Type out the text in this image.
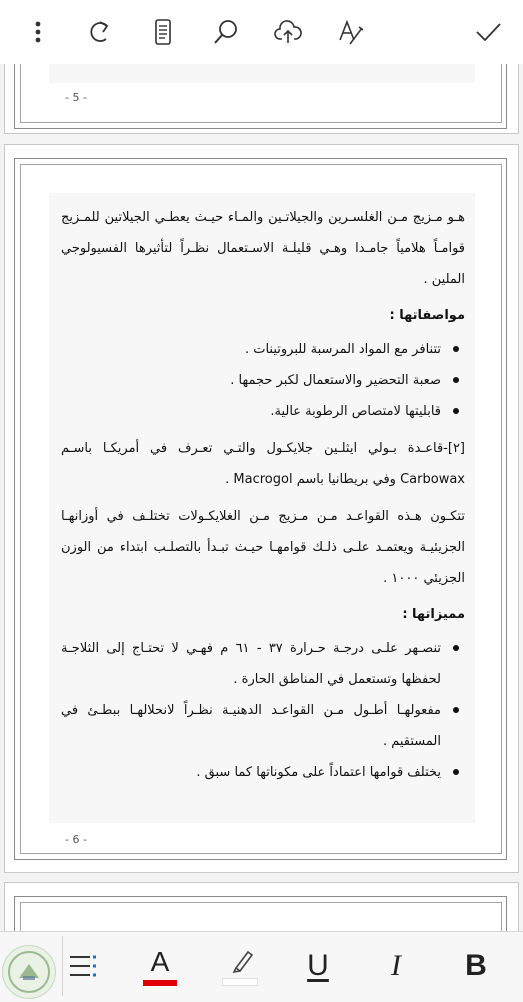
- 5 -

هـو مـزيج مـن الغلسـرين والجيلاتـين والمـاء حيـث يعطـي الجيلاتين للمـزيج قوامـاً هلامياً جامـدا وهـي قليلـة الاسـتعمال نظـراً لتأثيرها الفسيولوجي الملين .

مواصفاتها :

تتنافر مع المواد المرسبة للبروتينات .
صعبة التحضير والاستعمال لكبر حجمها .
قابليتها لامتصاص الرطوبة عالية.

[٢]-قاعـدة بـولي ايثلـين جلايكـول والتـي تعـرف في أمريكـا باسـم Carbowax وفي بريطانيا باسم Macrogol .

تتكـون هـذه القواعـد مـن مـزيج مـن الغلايكـولات تختلـف في أوزانهـا الجزيئيـة ويعتمـد علـى ذلـك قوامهـا حيـث تبـدأ بالتصلـب ابتداء من الوزن الجزيئي ١٠٠٠ .

مميزاتها :

تنصـهر علـى درجـة حـرارة ٣٧ - ٦١ م فهـي لا تحتـاج إلى الثلاجـة لحفظها وتستعمل في المناطق الحارة .
مفعولهـا أطـول مـن القواعـد الدهنيـة نظـراً لانحلالهـا ببطـئ في المستقيم .
يختلف قوامها اعتماداً على مكوناتها كما سبق .
- 6 -
A	U I B
